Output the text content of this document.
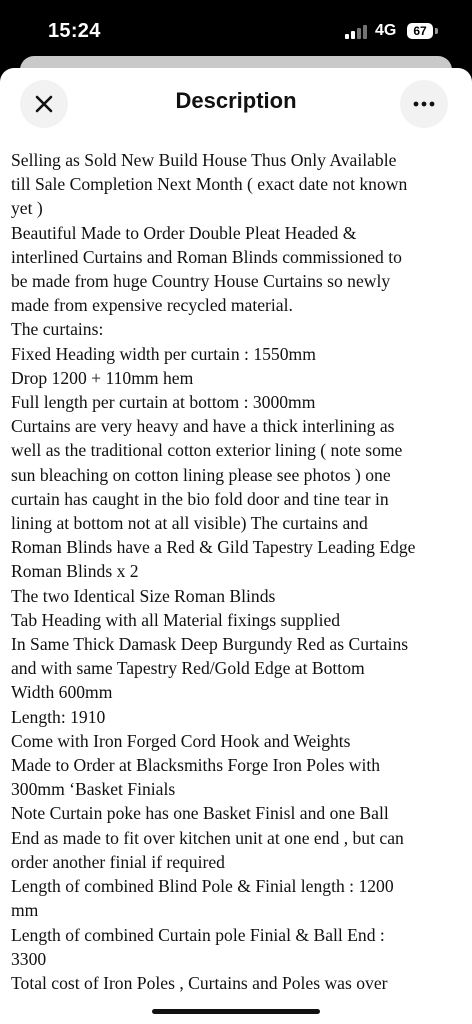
15:24	4G	67
Description

Selling as Sold New Build House Thus Only Available

till Sale Completion Next Month ( exact date not known

yet )

Beautiful Made to Order Double Pleat Headed &

interlined Curtains and Roman Blinds commissioned to

be made from huge Country House Curtains so newly

made from expensive recycled material.

The curtains:

Fixed Heading width per curtain : 1550mm

Drop 1200 + 110mm hem

Full length per curtain at bottom : 3000mm

Curtains are very heavy and have a thick interlining as

well as the traditional cotton exterior lining ( note some

sun bleaching on cotton lining please see photos ) one

curtain has caught in the bio fold door and tine tear in

lining at bottom not at all visible) The curtains and

Roman Blinds have a Red & Gild Tapestry Leading Edge

Roman Blinds x 2

The two Identical Size Roman Blinds

Tab Heading with all Material fixings supplied

In Same Thick Damask Deep Burgundy Red as Curtains

and with same Tapestry Red/Gold Edge at Bottom

Width 600mm

Length: 1910

Come with Iron Forged Cord Hook and Weights

Made to Order at Blacksmiths Forge Iron Poles with

300mm ‘Basket Finials

Note Curtain poke has one Basket Finisl and one Ball

End as made to fit over kitchen unit at one end , but can

order another finial if required

Length of combined Blind Pole & Finial length : 1200

mm

Length of combined Curtain pole Finial & Ball End :

3300

Total cost of Iron Poles , Curtains and Poles was over
